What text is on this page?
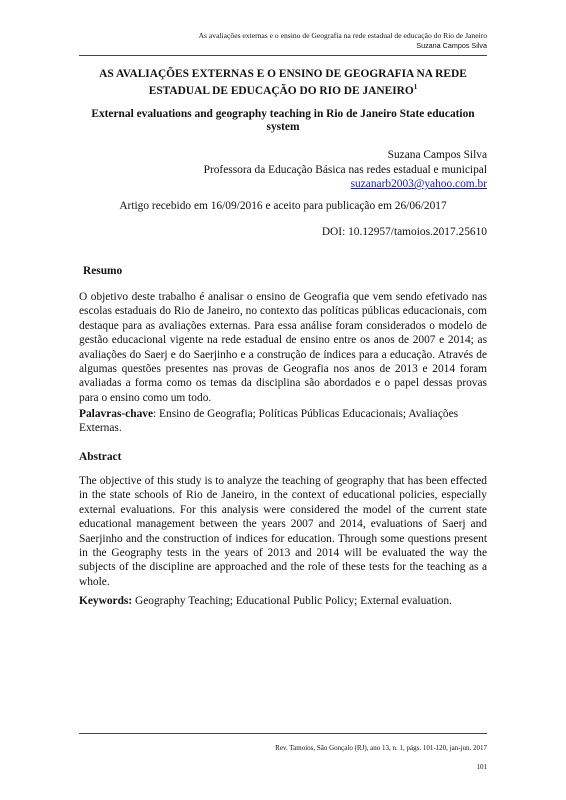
As avaliações externas e o ensino de Geografia na rede estadual de educação do Rio de Janeiro
Suzana Campos Silva
AS AVALIAÇÕES EXTERNAS E O ENSINO DE GEOGRAFIA NA REDE ESTADUAL DE EDUCAÇÃO DO RIO DE JANEIRO$^1$
External evaluations and geography teaching in Rio de Janeiro State education system
Suzana Campos Silva
Professora da Educação Básica nas redes estadual e municipal
suzanarb2003@yahoo.com.br
Artigo recebido em 16/09/2016 e aceito para publicação em 26/06/2017
DOI: 10.12957/tamoios.2017.25610
Resumo
O objetivo deste trabalho é analisar o ensino de Geografia que vem sendo efetivado nas escolas estaduais do Rio de Janeiro, no contexto das políticas públicas educacionais, com destaque para as avaliações externas. Para essa análise foram considerados o modelo de gestão educacional vigente na rede estadual de ensino entre os anos de 2007 e 2014; as avaliações do Saerj e do Saerjinho e a construção de índices para a educação. Através de algumas questões presentes nas provas de Geografia nos anos de 2013 e 2014 foram avaliadas a forma como os temas da disciplina são abordados e o papel dessas provas para o ensino como um todo.
Palavras-chave: Ensino de Geografia; Políticas Públicas Educacionais; Avaliações Externas.
Abstract
The objective of this study is to analyze the teaching of geography that has been effected in the state schools of Rio de Janeiro, in the context of educational policies, especially external evaluations. For this analysis were considered the model of the current state educational management between the years 2007 and 2014, evaluations of Saerj and Saerjinho and the construction of indices for education. Through some questions present in the Geography tests in the years of 2013 and 2014 will be evaluated the way the subjects of the discipline are approached and the role of these tests for the teaching as a whole.
Keywords: Geography Teaching; Educational Public Policy; External evaluation.
Rev. Tamoios, São Gonçalo (RJ), ano 13, n. 1, págs. 101-120, jan-jun. 2017
101
